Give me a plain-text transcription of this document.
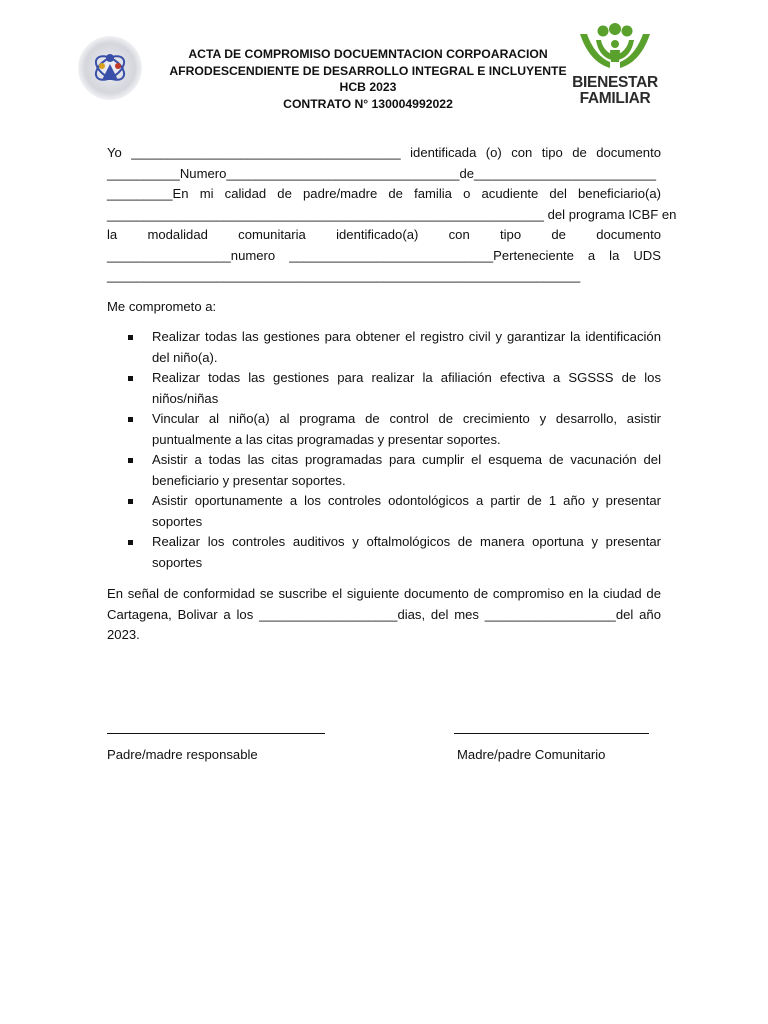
ACTA DE COMPROMISO DOCUEMNTACION CORPOARACION
AFRODESCENDIENTE DE DESARROLLO INTEGRAL E INCLUYENTE
HCB 2023
CONTRATO N° 130004992022
BIENESTAR
FAMILIAR
Yo _____________________________________ identificada (o) con tipo de documento
__________Numero________________________________de_________________________
_________En mi calidad de padre/madre de familia o acudiente del beneficiario(a)
____________________________________________________________ del programa ICBF en
la modalidad comunitaria identificado(a) con tipo de documento
_________________numero ____________________________Perteneciente a la UDS
_________________________________________________________________
Me comprometo a:
Realizar todas las gestiones para obtener el registro civil y garantizar la identificación del niño(a).
Realizar todas las gestiones para realizar la afiliación efectiva a SGSSS de los niños/niñas
Vincular al niño(a) al programa de control de crecimiento y desarrollo, asistir puntualmente a las citas programadas y presentar soportes.
Asistir a todas las citas programadas para cumplir el esquema de vacunación del beneficiario y presentar soportes.
Asistir oportunamente a los controles odontológicos a partir de 1 año y presentar soportes
Realizar los controles auditivos y oftalmológicos de manera oportuna y presentar soportes
En señal de conformidad se suscribe el siguiente documento de compromiso en la ciudad de Cartagena, Bolivar a los ___________________dias, del mes __________________del año 2023.
Padre/madre responsable	Madre/padre Comunitario
